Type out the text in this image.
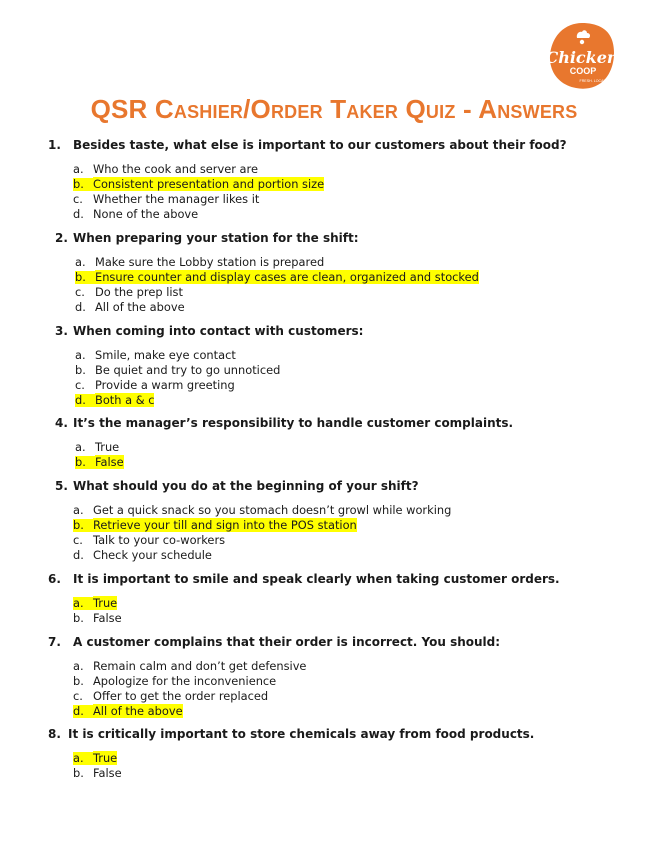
Chicken
COOP
FRESH. LOCAL.
QSR Cashier/Order Taker Quiz - Answers
1. Besides taste, what else is important to our customers about their food?
a. Who the cook and server are
b. Consistent presentation and portion size
c. Whether the manager likes it
d. None of the above
2. When preparing your station for the shift:
a. Make sure the Lobby station is prepared
b. Ensure counter and display cases are clean, organized and stocked
c. Do the prep list
d. All of the above
3. When coming into contact with customers:
a. Smile, make eye contact
b. Be quiet and try to go unnoticed
c. Provide a warm greeting
d. Both a & c
4. It’s the manager’s responsibility to handle customer complaints.
a. True
b. False
5. What should you do at the beginning of your shift?
a. Get a quick snack so you stomach doesn’t growl while working
b. Retrieve your till and sign into the POS station
c. Talk to your co-workers
d. Check your schedule
6. It is important to smile and speak clearly when taking customer orders.
a. True
b. False
7. A customer complains that their order is incorrect. You should:
a. Remain calm and don’t get defensive
b. Apologize for the inconvenience
c. Offer to get the order replaced
d. All of the above
8. It is critically important to store chemicals away from food products.
a. True
b. False
